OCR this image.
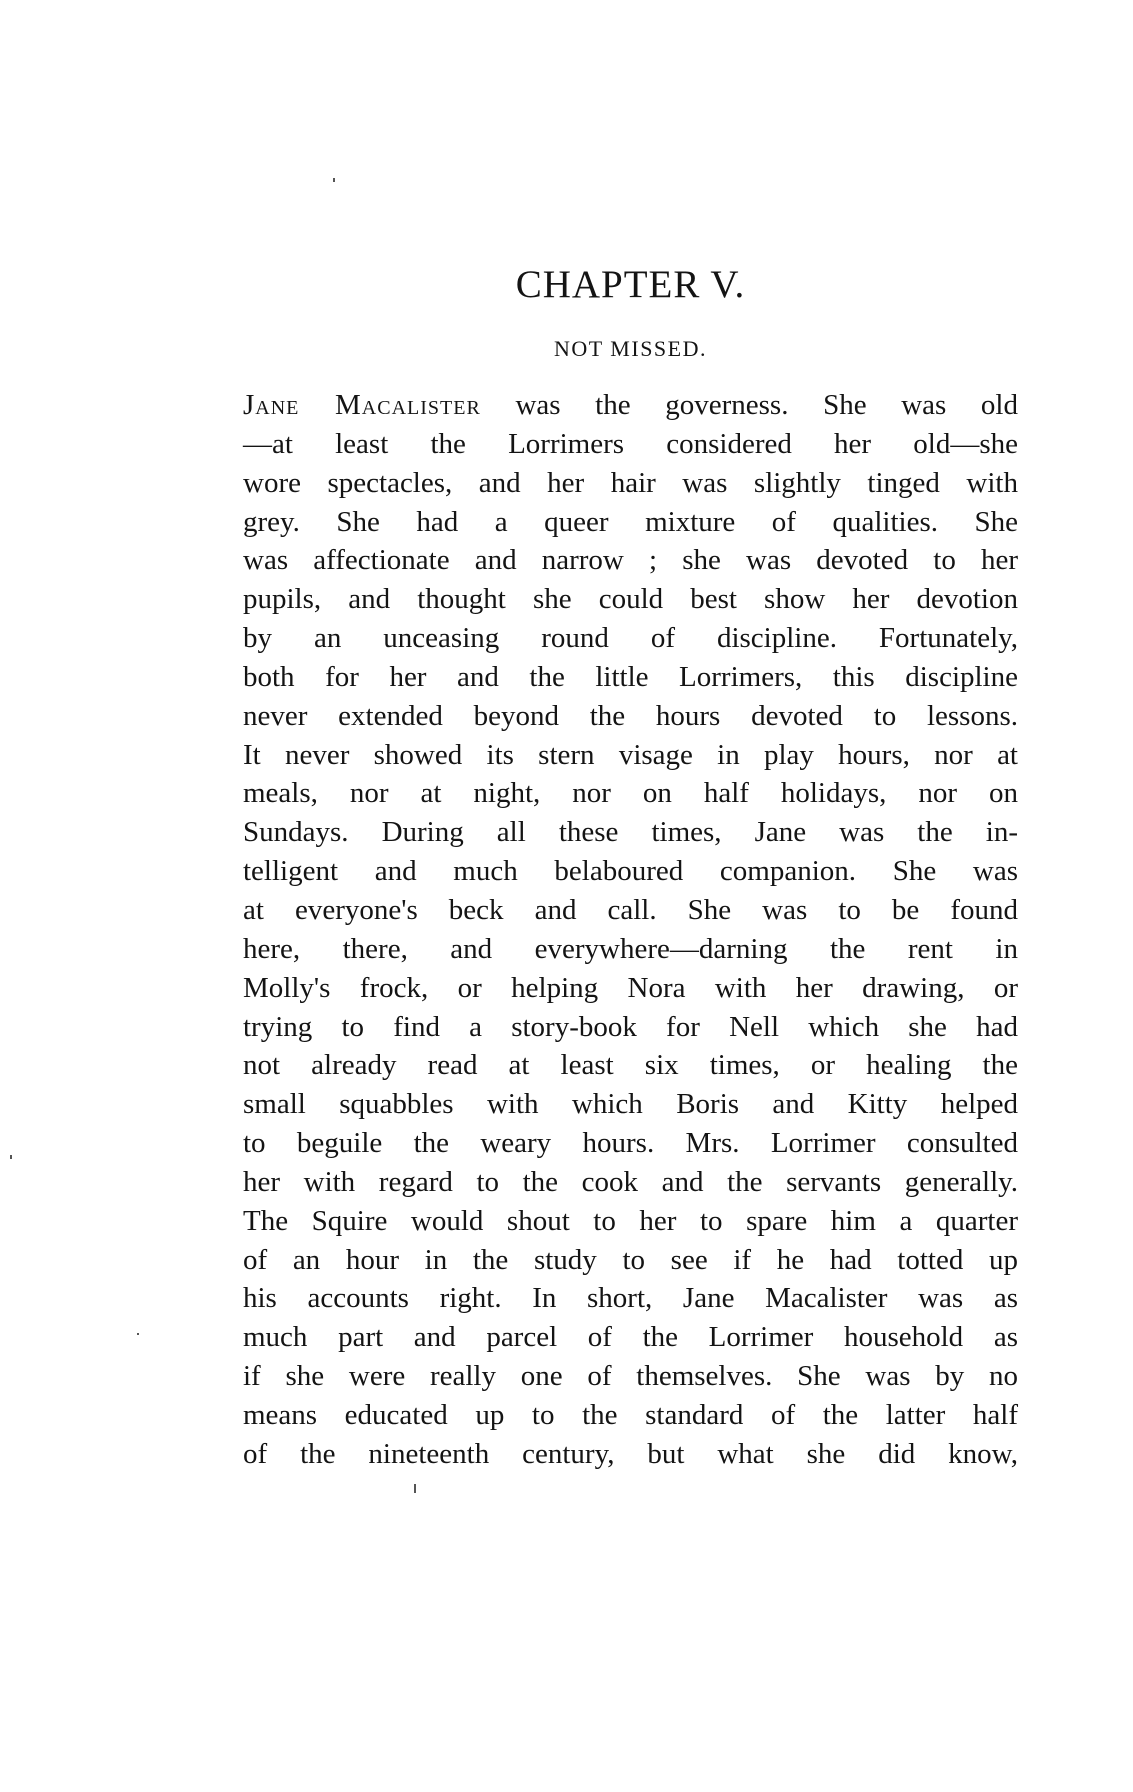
CHAPTER V.
NOT MISSED.
Jane Macalister was the governess. She was old
—at least the Lorrimers considered her old—she
wore spectacles, and her hair was slightly tinged with
grey. She had a queer mixture of qualities. She
was affectionate and narrow ; she was devoted to her
pupils, and thought she could best show her devotion
by an unceasing round of discipline. Fortunately,
both for her and the little Lorrimers, this discipline
never extended beyond the hours devoted to lessons.
It never showed its stern visage in play hours, nor at
meals, nor at night, nor on half holidays, nor on
Sundays. During all these times, Jane was the in-
telligent and much belaboured companion. She was
at everyone's beck and call. She was to be found
here, there, and everywhere—darning the rent in
Molly's frock, or helping Nora with her drawing, or
trying to find a story-book for Nell which she had
not already read at least six times, or healing the
small squabbles with which Boris and Kitty helped
to beguile the weary hours. Mrs. Lorrimer consulted
her with regard to the cook and the servants generally.
The Squire would shout to her to spare him a quarter
of an hour in the study to see if he had totted up
his accounts right. In short, Jane Macalister was as
much part and parcel of the Lorrimer household as
if she were really one of themselves. She was by no
means educated up to the standard of the latter half
of the nineteenth century, but what she did know,
